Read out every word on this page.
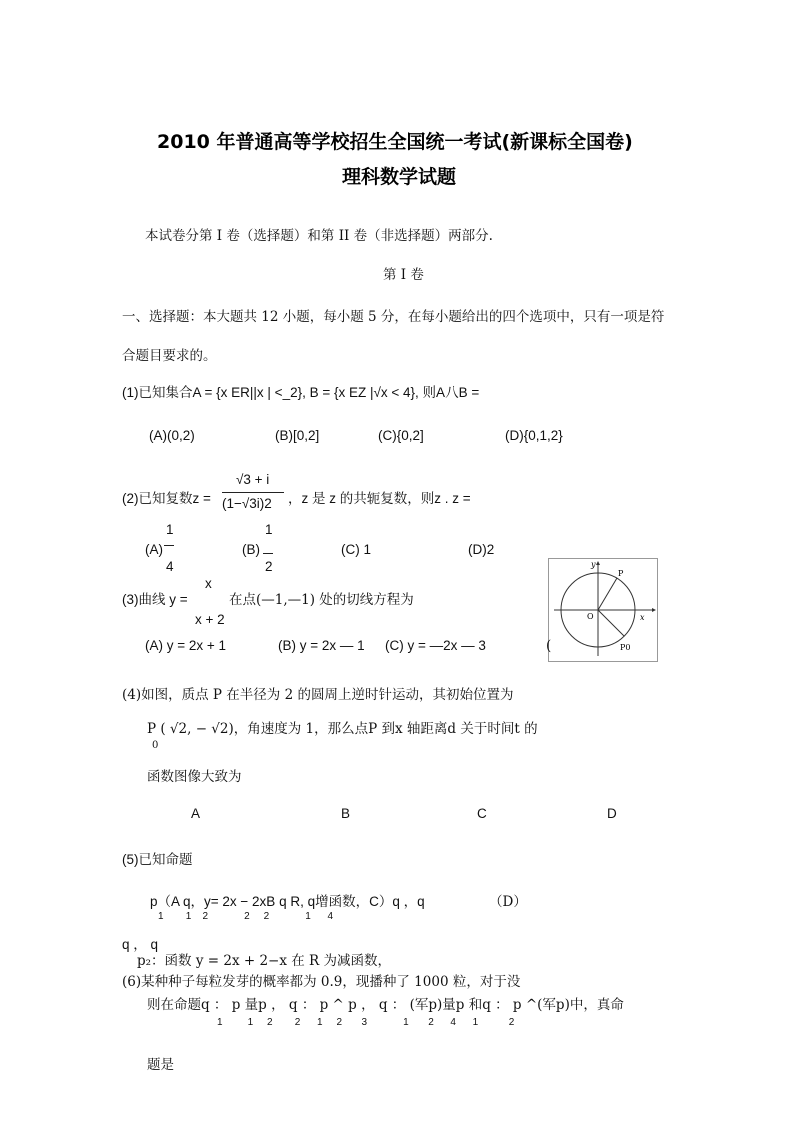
2010 年普通高等学校招生全国统一考试(新课标全国卷)
理科数学试题
本试卷分第 I 卷（选择题）和第 II 卷（非选择题）两部分.
第 I 卷
一、选择题：本大题共 12 小题，每小题 5 分，在每小题给出的四个选项中，只有一项是符
合题目要求的。
(1)已知集合A = {x ER||x | <_2}, B = {x EZ |√x < 4}, 则A八B =
(A)(0,2)	(B)[0,2]	(C){0,2]	(D){0,1,2}
(2)已知复数z =
√3 + i
(1−√3i)2 ，z 是 z 的共轭复数，则z . z =
1
(A)
4
1
(B)
2
(C) 1	(D)2
x
(3)曲线 y =	在点(—1,—1) 处的切线方程为
x + 2
(A) y = 2x + 1	(B) y = 2x — 1 (C) y = —2x — 3
y
P
O	x
P0
(
(4)如图，质点 P 在半径为 2 的圆周上逆时针运动，其初始位置为
P ( √2, − √2)，角速度为 1，那么点P 到x 轴距离d 关于时间t 的
0
函数图像大致为
A	B	C	D
(5)已知命题
p（A q，y= 2x − 2xB q R, q增函数，C）q ，q	（D）
1        1    2             2     2             1      4
q ， q
p₂：函数 y = 2x + 2−x 在 R 为减函数，
(6)某种种子每粒发芽的概率都为 0.9，现播种了 1000 粒，对于没
则在命题q ： p 量p ， q ： p ^ p ， q ： (军p)量p 和q ： p ^(军p)中，真命
1         1     2        2      1     2       3             1       2      4      1           2
题是
